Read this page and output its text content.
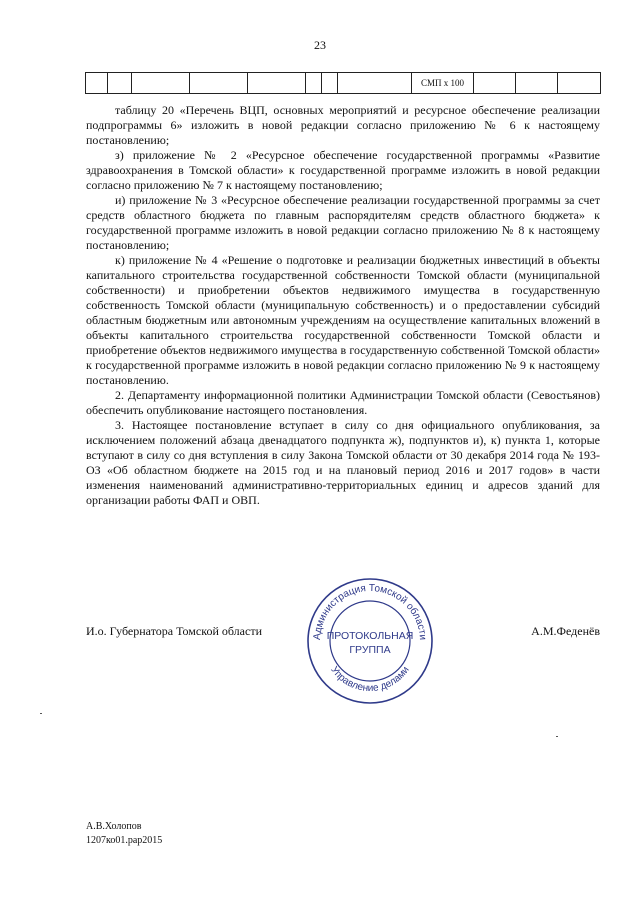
23
								СМП х 100			

таблицу 20 «Перечень ВЦП, основных мероприятий и ресурсное обеспечение реализации подпрограммы 6» изложить в новой редакции согласно приложению № 6 к настоящему постановлению;

з) приложение № 2 «Ресурсное обеспечение государственной программы «Развитие здравоохранения в Томской области» к государственной программе изложить в новой редакции согласно приложению № 7 к настоящему постановлению;

и) приложение № 3 «Ресурсное обеспечение реализации государственной программы за счет средств областного бюджета по главным распорядителям средств областного бюджета» к государственной программе изложить в новой редакции согласно приложению № 8 к настоящему постановлению;

к) приложение № 4 «Решение о подготовке и реализации бюджетных инвестиций в объекты капитального строительства государственной собственности Томской области (муниципальной собственности) и приобретении объектов недвижимого имущества в государственную собственность Томской области (муниципальную собственность) и о предоставлении субсидий областным бюджетным или автономным учреждениям на осуществление капитальных вложений в объекты капитального строительства государственной собственности Томской области и приобретение объектов недвижимого имущества в государственную собственной Томской области» к государственной программе изложить в новой редакции согласно приложению № 9 к настоящему постановлению.

2. Департаменту информационной политики Администрации Томской области (Севостьянов) обеспечить опубликование настоящего постановления.

3. Настоящее постановление вступает в силу со дня официального опубликования, за исключением положений абзаца двенадцатого подпункта ж), подпунктов и), к) пункта 1, которые вступают в силу со дня вступления в силу Закона Томской области от 30 декабря 2014 года № 193-ОЗ «Об областном бюджете на 2015 год и на плановый период 2016 и 2017 годов» в части изменения наименований административно-территориальных единиц и адресов зданий для организации работы ФАП и ОВП.

И.о. Губернатора Томской области	А.М.Феденёв
Администрация Томской области
Управление делами
ПРОТОКОЛЬНАЯ
ГРУППА
А.В.Холопов
1207ко01.рар2015
